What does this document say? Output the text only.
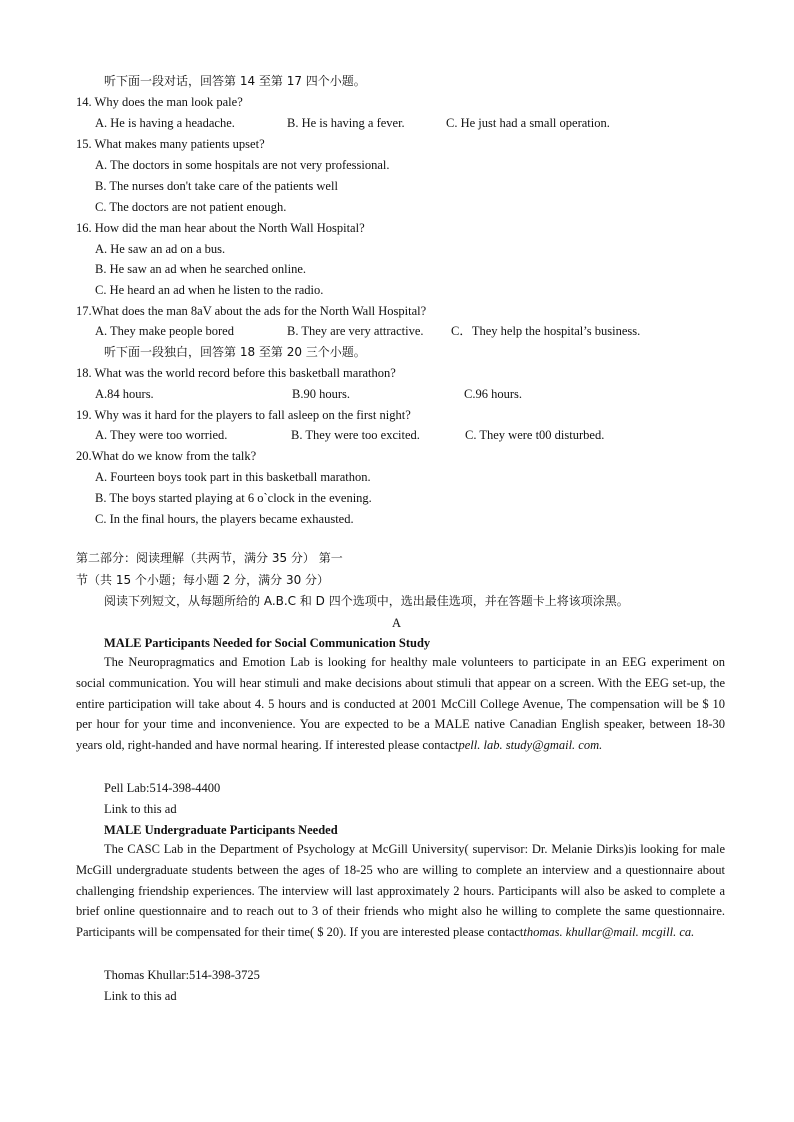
听下面一段对话，回答第 14 至第 17 四个小题。
14. Why does the man look pale?
A. He is having a headache.	B. He is having a fever.	C. He just had a small operation.
15. What makes many patients upset?
A. The doctors in some hospitals are not very professional.
B. The nurses don't take care of the patients well
C. The doctors are not patient enough.
16. How did the man hear about the North Wall Hospital?
A. He saw an ad on a bus.
B. He saw an ad when he searched online.
C. He heard an ad when he listen to the radio.
17.What does the man 8aV about the ads for the North Wall Hospital?
A. They make people bored	B. They are very attractive. C．They help the hospital’s business.
听下面一段独白，回答第 18 至第 20 三个小题。
18. What was the world record before this basketball marathon?
A.84 hours.	B.90 hours.	C.96 hours.
19. Why was it hard for the players to fall asleep on the first night?
A. They were too worried.	B. They were too excited.	C. They were t00 disturbed.
20.What do we know from the talk?
A. Fourteen boys took part in this basketball marathon.
B. The boys started playing at 6 o`clock in the evening.
C. In the final hours, the players became exhausted.
第二部分：阅读理解（共两节，满分 35 分） 第一
节（共 15 个小题；每小题 2 分，满分 30 分）
阅读下列短文，从每题所给的 A.B.C 和 D 四个选项中，选出最佳选项，并在答题卡上将该项涂黑。
A
MALE Participants Needed for Social Communication Study
The Neuropragmatics and Emotion Lab is looking for healthy male volunteers to participate in an EEG experiment on social communication. You will hear stimuli and make decisions about stimuli that appear on a screen. With the EEG set-up, the entire participation will take about 4. 5 hours and is conducted at 2001 McCill College Avenue, The compensation will be $ 10 per hour for your time and inconvenience. You are expected to be a MALE native Canadian English speaker, between 18-30 years old, right-handed and have normal hearing. If interested please contactpell. lab. study@gmail. com.
Pell Lab:514-398-4400
Link to this ad
MALE Undergraduate Participants Needed
The CASC Lab in the Department of Psychology at McGill University( supervisor: Dr. Melanie Dirks)is looking for male McGill undergraduate students between the ages of 18-25 who are willing to complete an interview and a questionnaire about challenging friendship experiences. The interview will last approximately 2 hours. Participants will also be asked to complete a brief online questionnaire and to reach out to 3 of their friends who might also he willing to complete the same questionnaire. Participants will be compensated for their time( $ 20). If you are interested please contactthomas. khullar@mail. mcgill. ca.
Thomas Khullar:514-398-3725
Link to this ad
